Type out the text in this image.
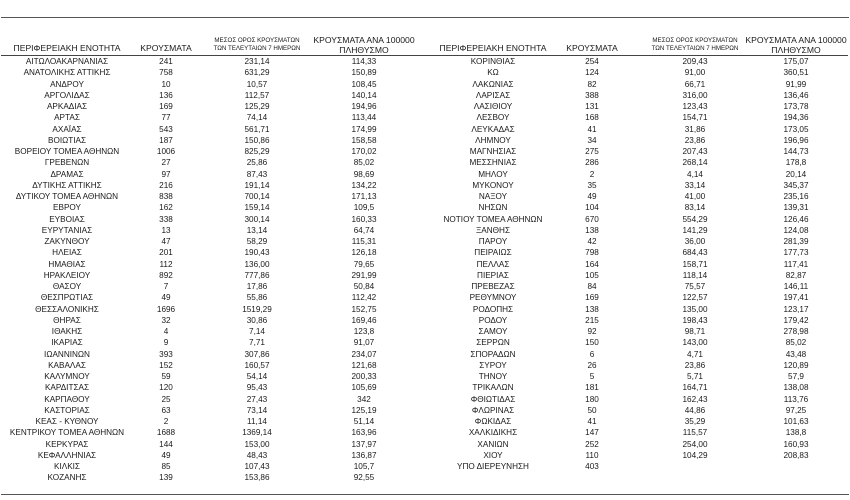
ΠΕΡΙΦΕΡΕΙΑΚΗ ΕΝΟΤΗΤΑ	ΚΡΟΥΣΜΑΤΑ
ΜΕΣΟΣ ΟΡΟΣ ΚΡΟΥΣΜΑΤΩΝ
ΤΩΝ ΤΕΛΕΥΤΑΙΩΝ 7 ΗΜΕΡΩΝ
ΚΡΟΥΣΜΑΤΑ ΑΝΑ 100000
ΠΛΗΘΥΣΜΟ	ΠΕΡΙΦΕΡΕΙΑΚΗ ΕΝΟΤΗΤΑ	ΚΡΟΥΣΜΑΤΑ
ΜΕΣΟΣ ΟΡΟΣ ΚΡΟΥΣΜΑΤΩΝ
ΤΩΝ ΤΕΛΕΥΤΑΙΩΝ 7 ΗΜΕΡΩΝ
ΚΡΟΥΣΜΑΤΑ ΑΝΑ 100000
ΠΛΗΘΥΣΜΟ
ΑΙΤΩΛΟΑΚΑΡΝΑΝΙΑΣ	241	231,14	114,33
ΑΝΑΤΟΛΙΚΗΣ ΑΤΤΙΚΗΣ	758	631,29	150,89
ΑΝΔΡΟΥ	10	10,57	108,45
ΑΡΓΟΛΙΔΑΣ	136	112,57	140,14
ΑΡΚΑΔΙΑΣ	169	125,29	194,96
ΑΡΤΑΣ	77	74,14	113,44
ΑΧΑΪΑΣ	543	561,71	174,99
ΒΟΙΩΤΙΑΣ	187	150,86	158,58
ΒΟΡΕΙΟΥ ΤΟΜΕΑ ΑΘΗΝΩΝ	1006	825,29	170,02
ΓΡΕΒΕΝΩΝ	27	25,86	85,02
ΔΡΑΜΑΣ	97	87,43	98,69
ΔΥΤΙΚΗΣ ΑΤΤΙΚΗΣ	216	191,14	134,22
ΔΥΤΙΚΟΥ ΤΟΜΕΑ ΑΘΗΝΩΝ	838	700,14	171,13
ΕΒΡΟΥ	162	159,14	109,5
ΕΥΒΟΙΑΣ	338	300,14	160,33
ΕΥΡΥΤΑΝΙΑΣ	13	13,14	64,74
ΖΑΚΥΝΘΟΥ	47	58,29	115,31
ΗΛΕΙΑΣ	201	190,43	126,18
ΗΜΑΘΙΑΣ	112	136,00	79,65
ΗΡΑΚΛΕΙΟΥ	892	777,86	291,99
ΘΑΣΟΥ	7	17,86	50,84
ΘΕΣΠΡΩΤΙΑΣ	49	55,86	112,42
ΘΕΣΣΑΛΟΝΙΚΗΣ	1696	1519,29	152,75
ΘΗΡΑΣ	32	30,86	169,46
ΙΘΑΚΗΣ	4	7,14	123,8
ΙΚΑΡΙΑΣ	9	7,71	91,07
ΙΩΑΝΝΙΝΩΝ	393	307,86	234,07
ΚΑΒΑΛΑΣ	152	160,57	121,68
ΚΑΛΥΜΝΟΥ	59	54,14	200,33
ΚΑΡΔΙΤΣΑΣ	120	95,43	105,69
ΚΑΡΠΑΘΟΥ	25	27,43	342
ΚΑΣΤΟΡΙΑΣ	63	73,14	125,19
ΚΕΑΣ - ΚΥΘΝΟΥ	2	11,14	51,14
ΚΕΝΤΡΙΚΟΥ ΤΟΜΕΑ ΑΘΗΝΩΝ	1688	1369,14	163,96
ΚΕΡΚΥΡΑΣ	144	153,00	137,97
ΚΕΦΑΛΛΗΝΙΑΣ	49	48,43	136,87
ΚΙΛΚΙΣ	85	107,43	105,7
ΚΟΖΑΝΗΣ	139	153,86	92,55
ΚΟΡΙΝΘΙΑΣ	254	209,43	175,07
ΚΩ	124	91,00	360,51
ΛΑΚΩΝΙΑΣ	82	66,71	91,99
ΛΑΡΙΣΑΣ	388	316,00	136,46
ΛΑΣΙΘΙΟΥ	131	123,43	173,78
ΛΕΣΒΟΥ	168	154,71	194,36
ΛΕΥΚΑΔΑΣ	41	31,86	173,05
ΛΗΜΝΟΥ	34	23,86	196,96
ΜΑΓΝΗΣΙΑΣ	275	207,43	144,73
ΜΕΣΣΗΝΙΑΣ	286	268,14	178,8
ΜΗΛΟΥ	2	4,14	20,14
ΜΥΚΟΝΟΥ	35	33,14	345,37
ΝΑΞΟΥ	49	41,00	235,16
ΝΗΣΩΝ	104	83,14	139,31
ΝΟΤΙΟΥ ΤΟΜΕΑ ΑΘΗΝΩΝ	670	554,29	126,46
ΞΑΝΘΗΣ	138	141,29	124,08
ΠΑΡΟΥ	42	36,00	281,39
ΠΕΙΡΑΙΩΣ	798	684,43	177,73
ΠΕΛΛΑΣ	164	158,71	117,41
ΠΙΕΡΙΑΣ	105	118,14	82,87
ΠΡΕΒΕΖΑΣ	84	75,57	146,11
ΡΕΘΥΜΝΟΥ	169	122,57	197,41
ΡΟΔΟΠΗΣ	138	135,00	123,17
ΡΟΔΟΥ	215	198,43	179,42
ΣΑΜΟΥ	92	98,71	278,98
ΣΕΡΡΩΝ	150	143,00	85,02
ΣΠΟΡΑΔΩΝ	6	4,71	43,48
ΣΥΡΟΥ	26	23,86	120,89
ΤΗΝΟΥ	5	5,71	57,9
ΤΡΙΚΑΛΩΝ	181	164,71	138,08
ΦΘΙΩΤΙΔΑΣ	180	162,43	113,76
ΦΛΩΡΙΝΑΣ	50	44,86	97,25
ΦΩΚΙΔΑΣ	41	35,29	101,63
ΧΑΛΚΙΔΙΚΗΣ	147	115,57	138,8
ΧΑΝΙΩΝ	252	254,00	160,93
ΧΙΟΥ	110	104,29	208,83
ΥΠΟ ΔΙΕΡΕΥΝΗΣΗ	403
